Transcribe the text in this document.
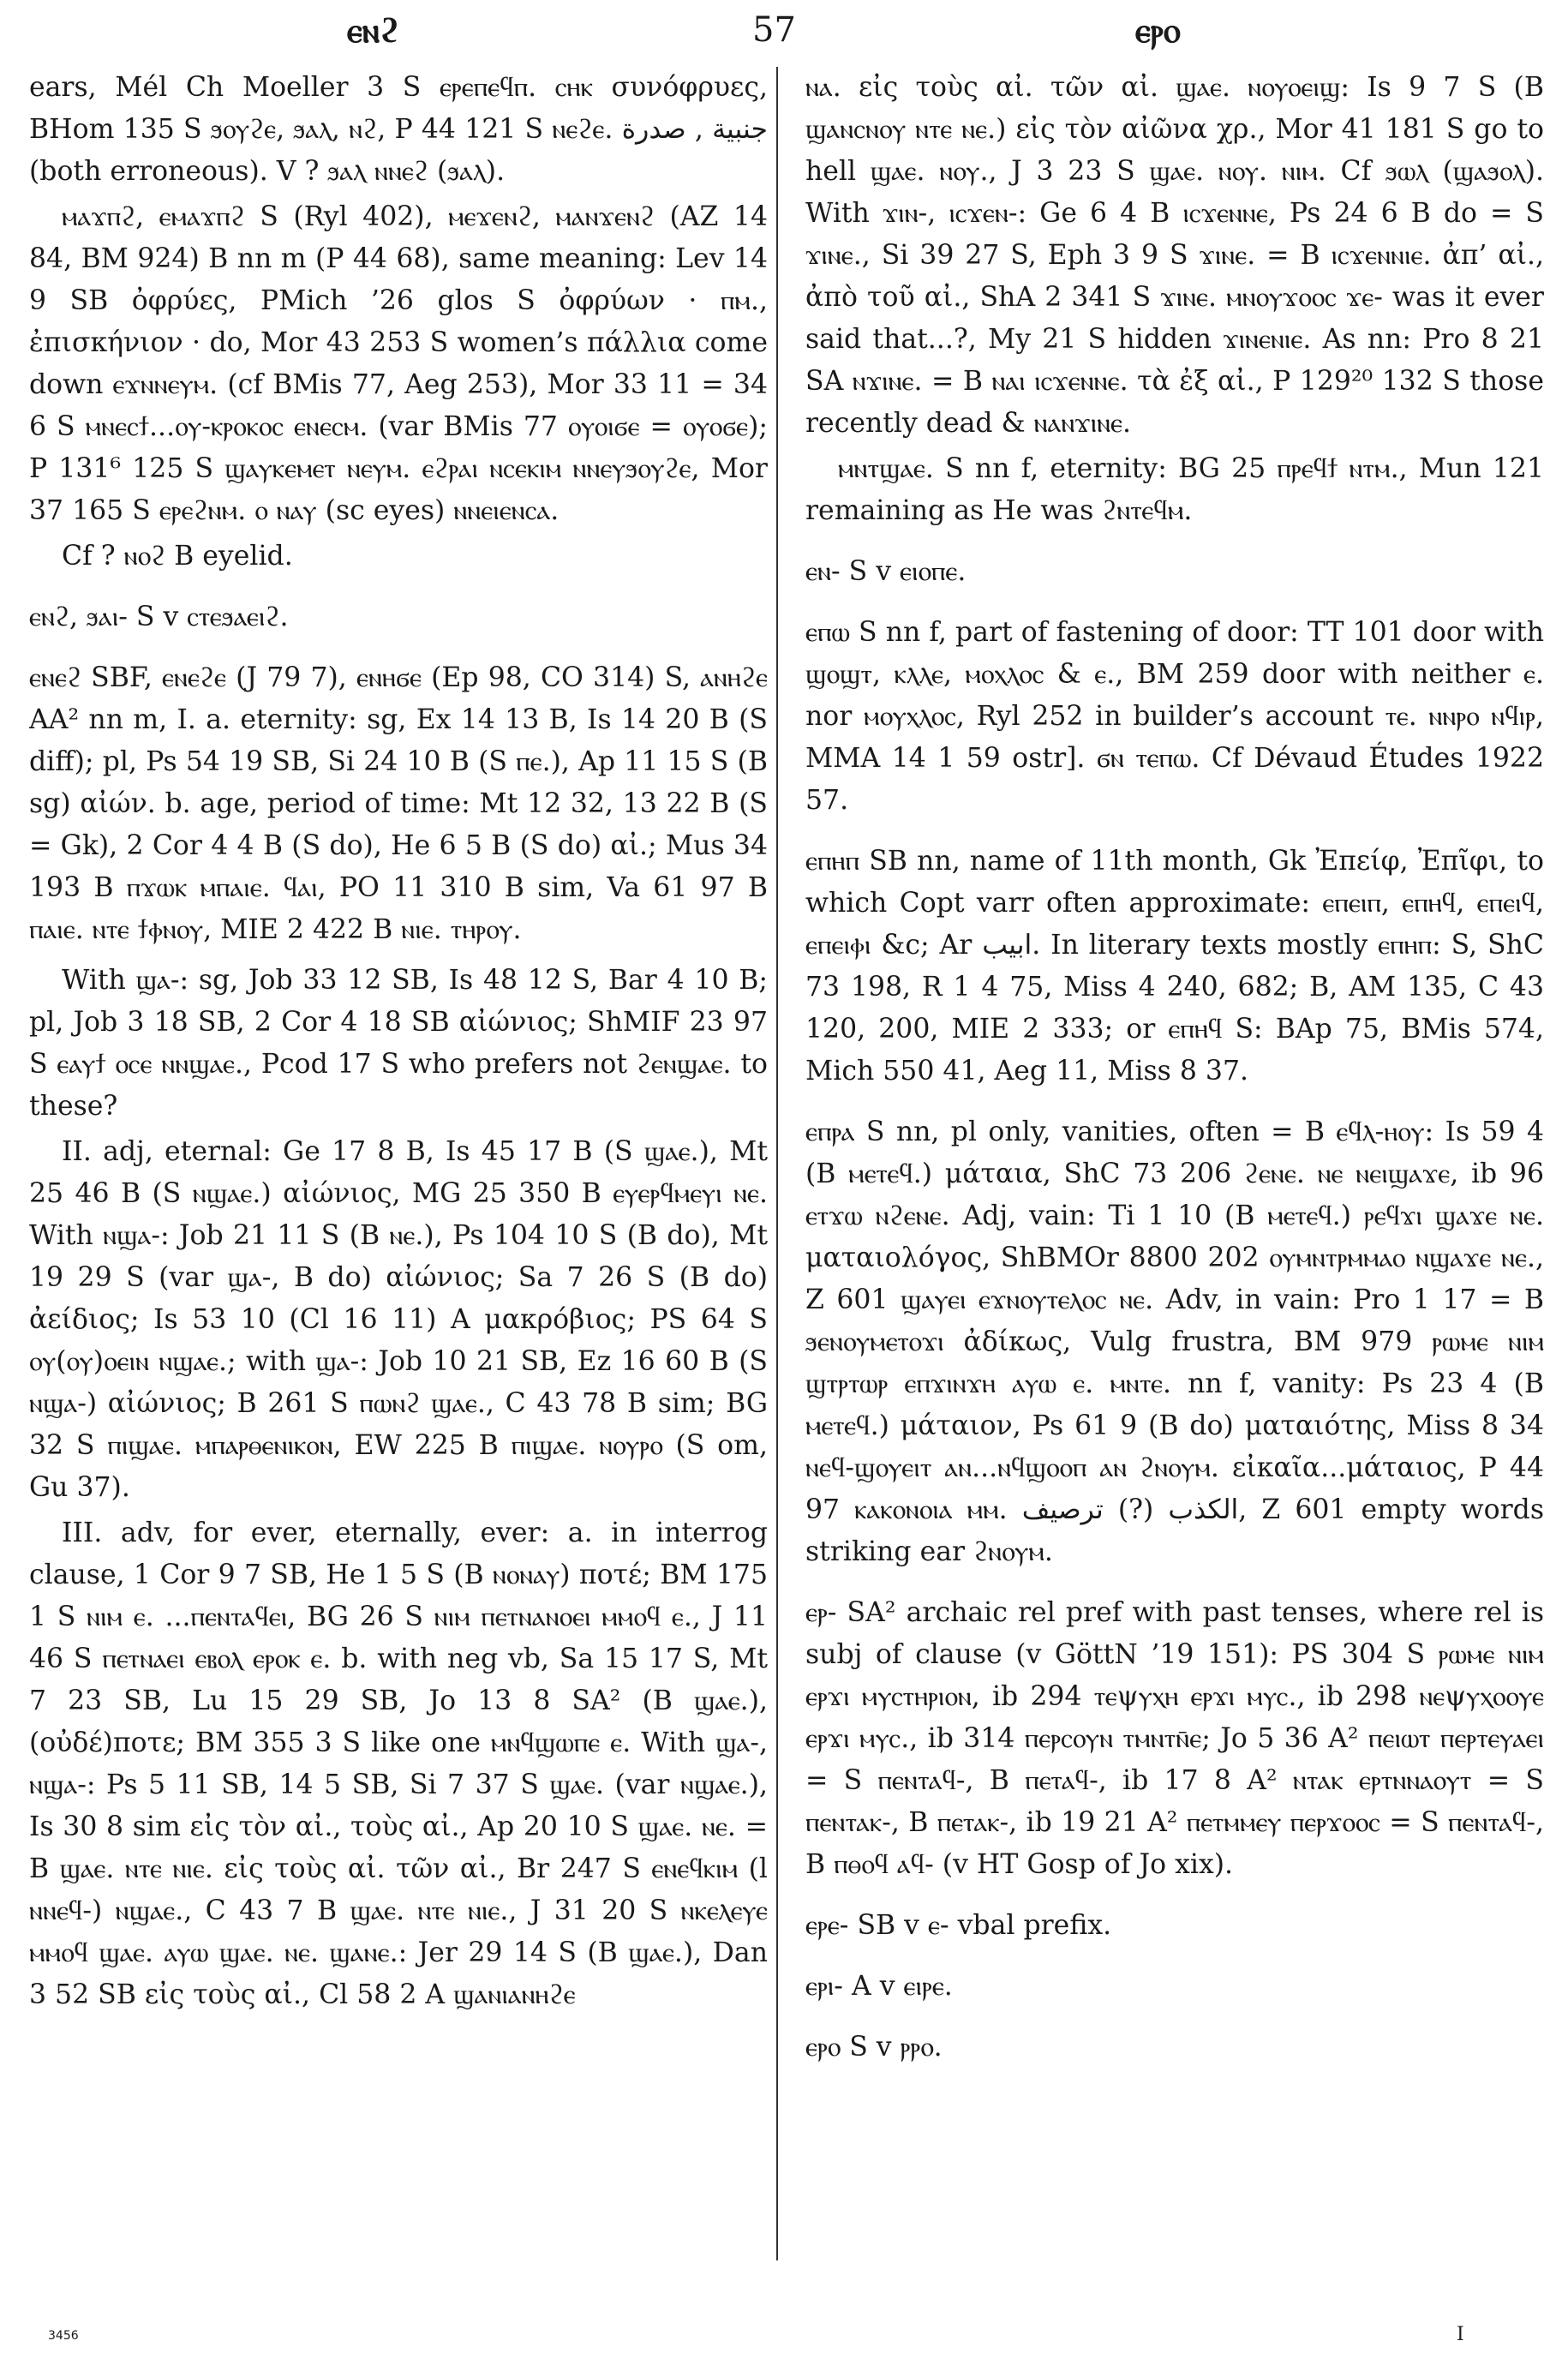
ⲉⲛϩ	57	ⲉⲣⲟ

ears, Mél Ch Moeller 3 S ⲉⲣⲉⲡⲉϥⲡ. ⲥⲏⲕ συνόφρυες, BHom 135 S ϧⲟⲩϩⲉ, ϧⲁⲗ, ⲛϩ, P 44 121 S ⲛⲉϩⲉ. جنبية , صدرة (both erroneous). V ? ϧⲁⲗ ⲛⲛⲉϩ (ϧⲁⲗ).

ⲙⲁϫⲡϩ, ⲉⲙⲁϫⲡϩ S (Ryl 402), ⲙⲉϫⲉⲛϩ, ⲙⲁⲛϫⲉⲛϩ (AZ 14 84, BM 924) B nn m (P 44 68), same meaning: Lev 14 9 SB ὀφρύες, PMich ’26 glos S ὀφρύων · ⲡⲙ., ἐπισκήνιον · do, Mor 43 253 S women’s πάλλια come down ⲉϫⲛⲛⲉⲩⲙ. (cf BMis 77, Aeg 253), Mor 33 11 = 34 6 S ⲙⲛⲉⲥϯ...ⲟⲩ-ⲕⲣⲟⲕⲟⲥ ⲉⲛⲉⲥⲙ. (var BMis 77 ⲟⲩⲟⲓϭⲉ = ⲟⲩⲟϭⲉ); P 131⁶ 125 S ϣⲁⲩⲕⲉⲙⲉⲧ ⲛⲉⲩⲙ. ⲉϩⲣⲁⲓ ⲛⲥⲉⲕⲓⲙ ⲛⲛⲉⲩϧⲟⲩϩⲉ, Mor 37 165 S ⲉⲣⲉϩⲛⲙ. ⲟ ⲛⲁⲩ (sc eyes) ⲛⲛⲉⲓⲉⲛⲥⲁ.

Cf ? ⲛⲟϩ B eyelid.

ⲉⲛϩ, ϧⲁⲓ- S v ⲥⲧⲉϧⲁⲉⲓϩ.

ⲉⲛⲉϩ SBF, ⲉⲛⲉϩⲉ (J 79 7), ⲉⲛⲏϭⲉ (Ep 98, CO 314) S, ⲁⲛⲏϩⲉ AA² nn m, I. a. eternity: sg, Ex 14 13 B, Is 14 20 B (S diff); pl, Ps 54 19 SB, Si 24 10 B (S ⲡⲉ.), Ap 11 15 S (B sg) αἰών. b. age, period of time: Mt 12 32, 13 22 B (S = Gk), 2 Cor 4 4 B (S do), He 6 5 B (S do) αἰ.; Mus 34 193 B ⲡϫⲱⲕ ⲙⲡⲁⲓⲉ. ϥⲁⲓ, PO 11 310 B sim, Va 61 97 B ⲡⲁⲓⲉ. ⲛⲧⲉ ϯⲫⲛⲟⲩ, MIE 2 422 B ⲛⲓⲉ. ⲧⲏⲣⲟⲩ.

With ϣⲁ-: sg, Job 33 12 SB, Is 48 12 S, Bar 4 10 B; pl, Job 3 18 SB, 2 Cor 4 18 SB αἰώνιος; ShMIF 23 97 S ⲉⲁⲩϯ ⲟⲥⲉ ⲛⲛϣⲁⲉ., Pcod 17 S who prefers not ϩⲉⲛϣⲁⲉ. to these?

II. adj, eternal: Ge 17 8 B, Is 45 17 B (S ϣⲁⲉ.), Mt 25 46 B (S ⲛϣⲁⲉ.) αἰώνιος, MG 25 350 B ⲉⲩⲉⲣϥⲙⲉⲩⲓ ⲛⲉ. With ⲛϣⲁ-: Job 21 11 S (B ⲛⲉ.), Ps 104 10 S (B do), Mt 19 29 S (var ϣⲁ-, B do) αἰώνιος; Sa 7 26 S (B do) ἀείδιος; Is 53 10 (Cl 16 11) A μακρόβιος; PS 64 S ⲟⲩ(ⲟⲩ)ⲟⲉⲓⲛ ⲛϣⲁⲉ.; with ϣⲁ-: Job 10 21 SB, Ez 16 60 B (S ⲛϣⲁ-) αἰώνιος; B 261 S ⲡⲱⲛϩ ϣⲁⲉ., C 43 78 B sim; BG 32 S ⲡⲓϣⲁⲉ. ⲙⲡⲁⲣⲑⲉⲛⲓⲕⲟⲛ, EW 225 B ⲡⲓϣⲁⲉ. ⲛⲟⲩⲣⲟ (S om, Gu 37).

III. adv, for ever, eternally, ever: a. in interrog clause, 1 Cor 9 7 SB, He 1 5 S (B ⲛⲟⲛⲁⲩ) ποτέ; BM 175 1 S ⲛⲓⲙ ⲉ. ...ⲡⲉⲛⲧⲁϥⲉⲓ, BG 26 S ⲛⲓⲙ ⲡⲉⲧⲛⲁⲛⲟⲉⲓ ⲙⲙⲟϥ ⲉ., J 11 46 S ⲡⲉⲧⲛⲁⲉⲓ ⲉⲃⲟⲗ ⲉⲣⲟⲕ ⲉ. b. with neg vb, Sa 15 17 S, Mt 7 23 SB, Lu 15 29 SB, Jo 13 8 SA² (B ϣⲁⲉ.), (οὐδέ)ποτε; BM 355 3 S like one ⲙⲛϥϣⲱⲡⲉ ⲉ. With ϣⲁ-, ⲛϣⲁ-: Ps 5 11 SB, 14 5 SB, Si 7 37 S ϣⲁⲉ. (var ⲛϣⲁⲉ.), Is 30 8 sim εἰς τὸν αἰ., τοὺς αἰ., Ap 20 10 S ϣⲁⲉ. ⲛⲉ. = B ϣⲁⲉ. ⲛⲧⲉ ⲛⲓⲉ. εἰς τοὺς αἰ. τῶν αἰ., Br 247 S ⲉⲛⲉϥⲕⲓⲙ (l ⲛⲛⲉϥ-) ⲛϣⲁⲉ., C 43 7 B ϣⲁⲉ. ⲛⲧⲉ ⲛⲓⲉ., J 31 20 S ⲛⲕⲉⲗⲉⲩⲉ ⲙⲙⲟϥ ϣⲁⲉ. ⲁⲩⲱ ϣⲁⲉ. ⲛⲉ. ϣⲁⲛⲉ.: Jer 29 14 S (B ϣⲁⲉ.), Dan 3 52 SB εἰς τοὺς αἰ., Cl 58 2 A ϣⲁⲛⲓⲁⲛⲏϩⲉ

ⲛⲁ. εἰς τοὺς αἰ. τῶν αἰ. ϣⲁⲉ. ⲛⲟⲩⲟⲉⲓϣ: Is 9 7 S (B ϣⲁⲛⲥⲛⲟⲩ ⲛⲧⲉ ⲛⲉ.) εἰς τὸν αἰῶνα χρ., Mor 41 181 S go to hell ϣⲁⲉ. ⲛⲟⲩ., J 3 23 S ϣⲁⲉ. ⲛⲟⲩ. ⲛⲓⲙ. Cf ϧⲱⲗ (ϣⲁϧⲟⲗ). With ϫⲓⲛ-, ⲓⲥϫⲉⲛ-: Ge 6 4 B ⲓⲥϫⲉⲛⲛⲉ, Ps 24 6 B do = S ϫⲓⲛⲉ., Si 39 27 S, Eph 3 9 S ϫⲓⲛⲉ. = B ⲓⲥϫⲉⲛⲛⲓⲉ. ἀπ’ αἰ., ἀπὸ τοῦ αἰ., ShA 2 341 S ϫⲓⲛⲉ. ⲙⲛⲟⲩϫⲟⲟⲥ ϫⲉ- was it ever said that...?, My 21 S hidden ϫⲓⲛⲉⲛⲓⲉ. As nn: Pro 8 21 SA ⲛϫⲓⲛⲉ. = B ⲛⲁⲓ ⲓⲥϫⲉⲛⲛⲉ. τὰ ἐξ αἰ., P 129²⁰ 132 S those recently dead & ⲛⲁⲛϫⲓⲛⲉ.

ⲙⲛⲧϣⲁⲉ. S nn f, eternity: BG 25 ⲡⲣⲉϥϯ ⲛⲧⲙ., Mun 121 remaining as He was ϩⲛⲧⲉϥⲙ.

ⲉⲛ- S v ⲉⲓⲟⲡⲉ.

ⲉⲡⲱ S nn f, part of fastening of door: TT 101 door with ϣⲟϣⲧ, ⲕⲗⲗⲉ, ⲙⲟⲭⲗⲟⲥ & ⲉ., BM 259 door with neither ⲉ. nor ⲙⲟⲩⲭⲗⲟⲥ, Ryl 252 in builder’s account ⲧⲉ. ⲛⲛⲣⲟ ⲛϥⲓⲣ, MMA 14 1 59 ostr]. ϭⲛ ⲧⲉⲡⲱ. Cf Dévaud Études 1922 57.

ⲉⲡⲏⲡ SB nn, name of 11th month, Gk Ἐπείφ, Ἐπῖφι, to which Copt varr often approximate: ⲉⲡⲉⲓⲡ, ⲉⲡⲏϥ, ⲉⲡⲉⲓϥ, ⲉⲡⲉⲓⲫⲓ &c; Ar ابيب. In literary texts mostly ⲉⲡⲏⲡ: S, ShC 73 198, R 1 4 75, Miss 4 240, 682; B, AM 135, C 43 120, 200, MIE 2 333; or ⲉⲡⲏϥ S: BAp 75, BMis 574, Mich 550 41, Aeg 11, Miss 8 37.

ⲉⲡⲣⲁ S nn, pl only, vanities, often = B ⲉϥⲗ-ⲏⲟⲩ: Is 59 4 (B ⲙⲉⲧⲉϥ.) μάταια, ShC 73 206 ϩⲉⲛⲉ. ⲛⲉ ⲛⲉⲓϣⲁϫⲉ, ib 96 ⲉⲧϫⲱ ⲛϩⲉⲛⲉ. Adj, vain: Ti 1 10 (B ⲙⲉⲧⲉϥ.) ⲣⲉϥϫⲓ ϣⲁϫⲉ ⲛⲉ. ματαιολόγος, ShBMOr 8800 202 ⲟⲩⲙⲛⲧⲣⲙⲙⲁⲟ ⲛϣⲁϫⲉ ⲛⲉ., Z 601 ϣⲁⲩⲉⲓ ⲉϫⲛⲟⲩⲧⲉⲗⲟⲥ ⲛⲉ. Adv, in vain: Pro 1 17 = B ϧⲉⲛⲟⲩⲙⲉⲧⲟϫⲓ ἀδίκως, Vulg frustra, BM 979 ⲣⲱⲙⲉ ⲛⲓⲙ ϣⲧⲣⲧⲱⲣ ⲉⲡϫⲓⲛϫⲏ ⲁⲩⲱ ⲉ. ⲙⲛⲧⲉ. nn f, vanity: Ps 23 4 (B ⲙⲉⲧⲉϥ.) μάταιον, Ps 61 9 (B do) ματαιότης, Miss 8 34 ⲛⲉϥ-ϣⲟⲩⲉⲓⲧ ⲁⲛ...ⲛϥϣⲟⲟⲡ ⲁⲛ ϩⲛⲟⲩⲙ. εἰκαῖα...μάταιος, P 44 97 ⲕⲁⲕⲟⲛⲟⲓⲁ ⲙⲙ. الكذب (?) ترصيف, Z 601 empty words striking ear ϩⲛⲟⲩⲙ.

ⲉⲣ- SA² archaic rel pref with past tenses, where rel is subj of clause (v GöttN ’19 151): PS 304 S ⲣⲱⲙⲉ ⲛⲓⲙ ⲉⲣϫⲓ ⲙⲩⲥⲧⲏⲣⲓⲟⲛ, ib 294 ⲧⲉψⲩⲭⲏ ⲉⲣϫⲓ ⲙⲩⲥ., ib 298 ⲛⲉψⲩⲭⲟⲟⲩⲉ ⲉⲣϫⲓ ⲙⲩⲥ., ib 314 ⲡⲉⲣⲥⲟⲩⲛ ⲧⲙⲛⲧⲛ̄ⲉ; Jo 5 36 A² ⲡⲉⲓⲱⲧ ⲡⲉⲣⲧⲉⲩⲁⲉⲓ = S ⲡⲉⲛⲧⲁϥ-, B ⲡⲉⲧⲁϥ-, ib 17 8 A² ⲛⲧⲁⲕ ⲉⲣⲧⲛⲛⲁⲟⲩⲧ = S ⲡⲉⲛⲧⲁⲕ-, B ⲡⲉⲧⲁⲕ-, ib 19 21 A² ⲡⲉⲧⲙⲙⲉⲩ ⲡⲉⲣϫⲟⲟⲥ = S ⲡⲉⲛⲧⲁϥ-, B ⲡⲑⲟϥ ⲁϥ- (v HT Gosp of Jo xix).

ⲉⲣⲉ- SB v ⲉ- vbal prefix.

ⲉⲣⲓ- A v ⲉⲓⲣⲉ.

ⲉⲣⲟ S v ⲣⲣⲟ.

3456	I
